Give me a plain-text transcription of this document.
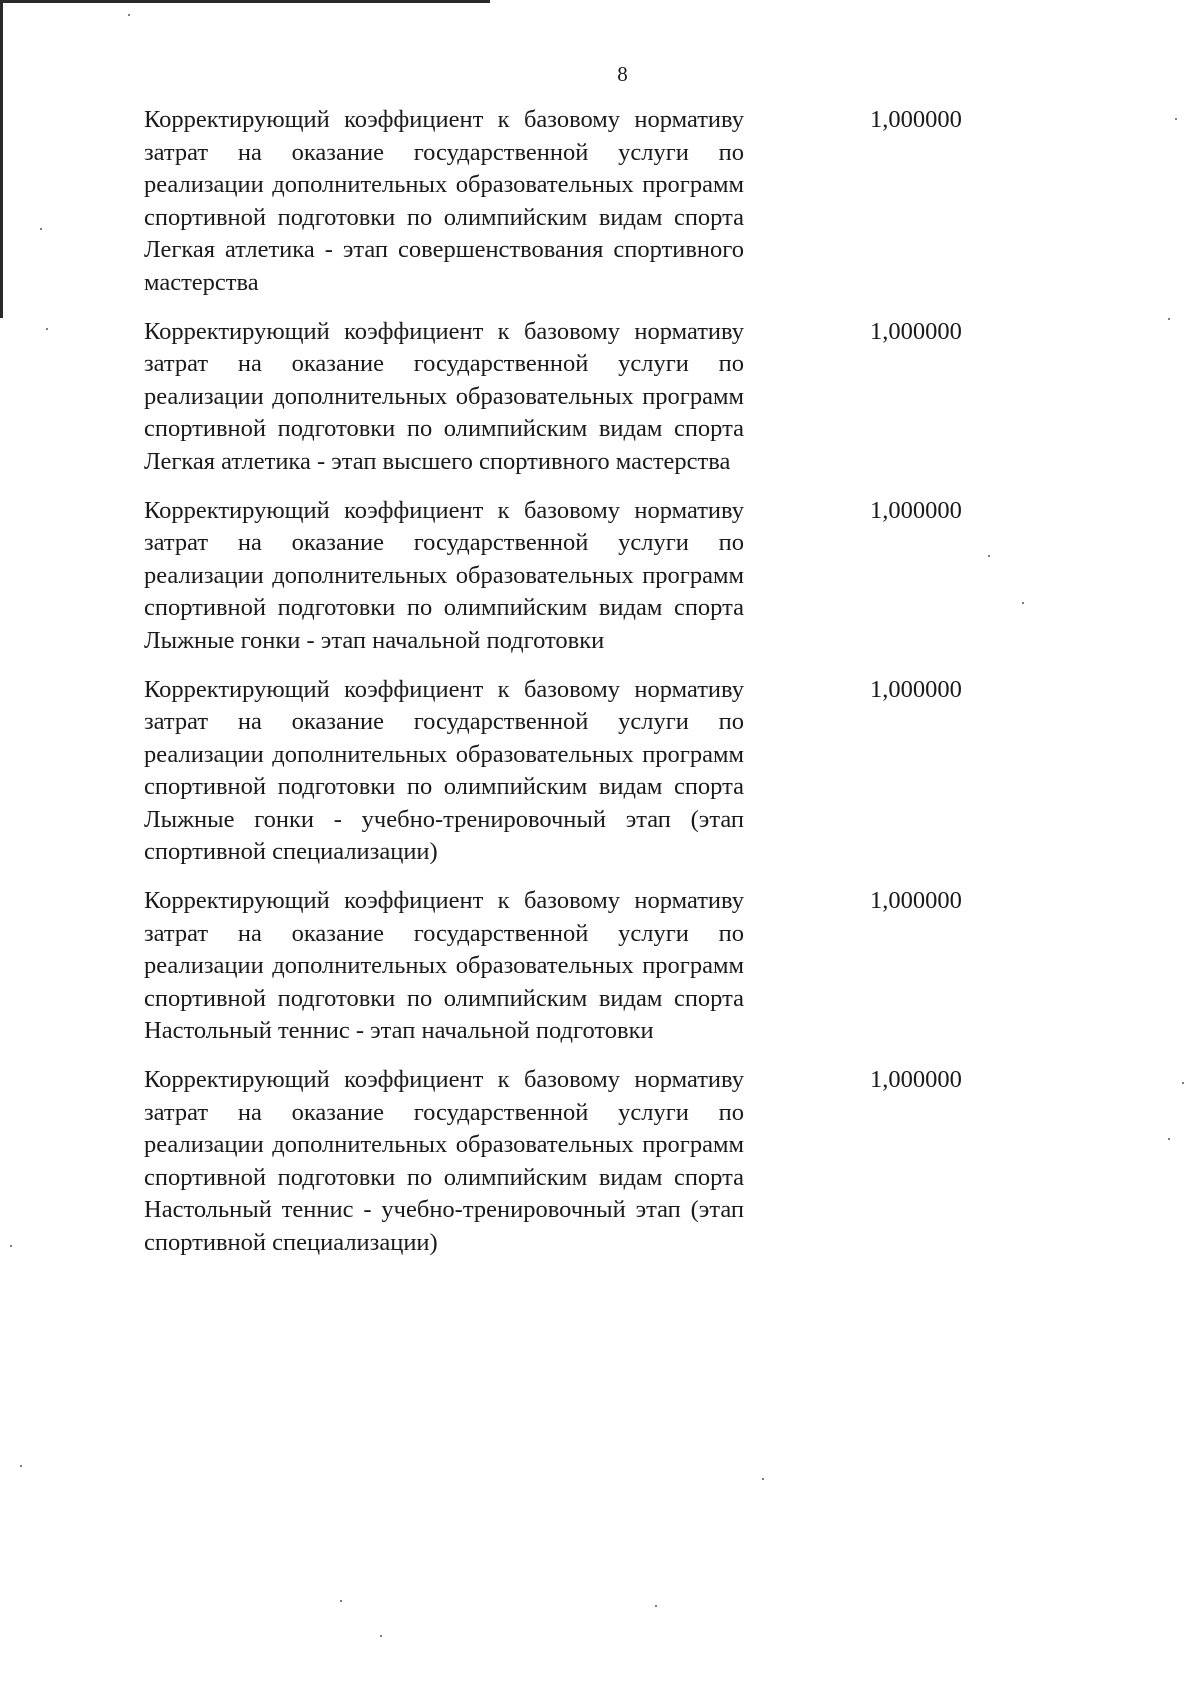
8
Корректирующий коэффициент к базовому нормативу затрат на оказание государственной услуги по реализации дополнительных образовательных программ спортивной подготовки по олимпийским видам спорта Легкая атлетика - этап совершенствования спортивного мастерства
1,000000
Корректирующий коэффициент к базовому нормативу затрат на оказание государственной услуги по реализации дополнительных образовательных программ спортивной подготовки по олимпийским видам спорта Легкая атлетика - этап высшего спортивного мастерства
1,000000
Корректирующий коэффициент к базовому нормативу затрат на оказание государственной услуги по реализации дополнительных образовательных программ спортивной подготовки по олимпийским видам спорта Лыжные гонки - этап начальной подготовки
1,000000
Корректирующий коэффициент к базовому нормативу затрат на оказание государственной услуги по реализации дополнительных образовательных программ спортивной подготовки по олимпийским видам спорта Лыжные гонки - учебно-тренировочный этап (этап спортивной специализации)
1,000000
Корректирующий коэффициент к базовому нормативу затрат на оказание государственной услуги по реализации дополнительных образовательных программ спортивной подготовки по олимпийским видам спорта Настольный теннис - этап начальной подготовки
1,000000
Корректирующий коэффициент к базовому нормативу затрат на оказание государственной услуги по реализации дополнительных образовательных программ спортивной подготовки по олимпийским видам спорта Настольный теннис - учебно-тренировочный этап (этап спортивной специализации)
1,000000
